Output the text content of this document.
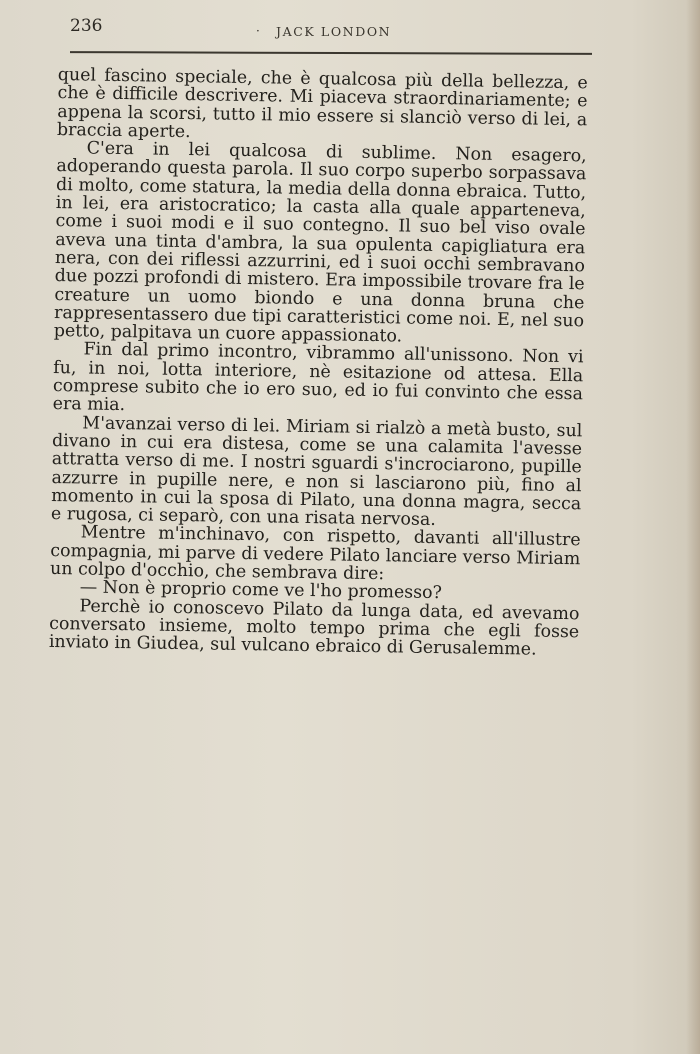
236	· JACK LONDON

quel fascino speciale, che è qualcosa più della bellezza, e che è difficile descrivere. Mi piaceva straordinariamente; e appena la scorsi, tutto il mio essere si slanciò verso di lei, a braccia aperte.

C'era in lei qualcosa di sublime. Non esagero, adoperando questa parola. Il suo corpo superbo sorpassava di molto, come statura, la media della donna ebraica. Tutto, in lei, era aristocratico; la casta alla quale apparteneva, come i suoi modi e il suo contegno. Il suo bel viso ovale aveva una tinta d'ambra, la sua opulenta capigliatura era nera, con dei riflessi azzurrini, ed i suoi occhi sembravano due pozzi profondi di mistero. Era impossibile trovare fra le creature un uomo biondo e una donna bruna che rappresentassero due tipi caratteristici come noi. E, nel suo petto, palpitava un cuore appassionato.

Fin dal primo incontro, vibrammo all'unissono. Non vi fu, in noi, lotta interiore, nè esitazione od attesa. Ella comprese subito che io ero suo, ed io fui convinto che essa era mia.

M'avanzai verso di lei. Miriam si rialzò a metà busto, sul divano in cui era distesa, come se una calamita l'avesse attratta verso di me. I nostri sguardi s'incrociarono, pupille azzurre in pupille nere, e non si lasciarono più, fino al momento in cui la sposa di Pilato, una donna magra, secca e rugosa, ci separò, con una risata nervosa.

Mentre m'inchinavo, con rispetto, davanti all'illustre compagnia, mi parve di vedere Pilato lanciare verso Miriam un colpo d'occhio, che sembrava dire:

— Non è proprio come ve l'ho promesso?

Perchè io conoscevo Pilato da lunga data, ed avevamo conversato insieme, molto tempo prima che egli fosse inviato in Giudea, sul vulcano ebraico di Gerusalemme.
